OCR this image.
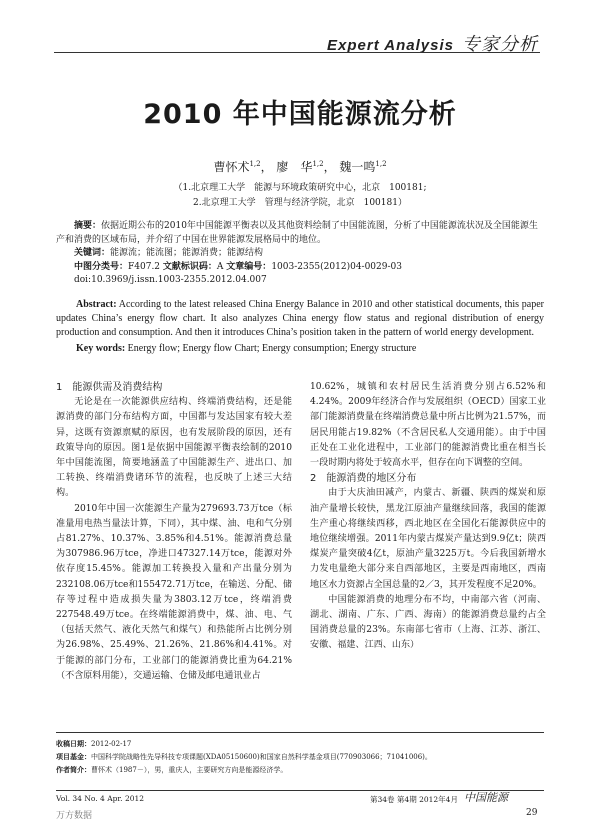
Expert Analysis 专家分析
2010 年中国能源流分析
曹怀术$^{1,2}$， 廖　华$^{1,2}$， 魏一鸣$^{1,2}$
（1.北京理工大学　能源与环境政策研究中心，北京　100181;
2.北京理工大学　管理与经济学院，北京　100181）
摘要：依据近期公布的2010年中国能源平衡表以及其他资料绘制了中国能流图，分析了中国能源流状况及全国能源生产和消费的区域布局，并介绍了中国在世界能源发展格局中的地位。
关键词：能源流；能流图；能源消费；能源结构
中图分类号：F407.2 文献标识码：A 文章编号：1003-2355(2012)04-0029-03
doi:10.3969/j.issn.1003-2355.2012.04.007
Abstract: According to the latest released China Energy Balance in 2010 and other statistical documents, this paper updates China’s energy flow chart. It also analyzes China energy flow status and regional distribution of energy production and consumption. And then it introduces China’s position taken in the pattern of world energy development.
Key words: Energy flow; Energy flow Chart; Energy consumption; Energy structure

1　能源供需及消费结构

无论是在一次能源供应结构、终端消费结构，还是能源消费的部门分布结构方面，中国都与发达国家有较大差异，这既有资源禀赋的原因，也有发展阶段的原因，还有政策导向的原因。图1是依据中国能源平衡表绘制的2010年中国能流图，简要地涵盖了中国能源生产、进出口、加工转换、终端消费诸环节的流程，也反映了上述三大结构。

2010年中国一次能源生产量为279693.73万tce（标准量用电热当量法计算，下同），其中煤、油、电和气分别占81.27%、10.37%、3.85%和4.51%。能源消费总量为307986.96万tce，净进口47327.14万tce，能源对外依存度15.45%。能源加工转换投入量和产出量分别为232108.06万tce和155472.71万tce，在输送、分配、储存等过程中造成损失量为3803.12万tce，终端消费227548.49万tce。在终端能源消费中，煤、油、电、气（包括天然气、液化天然气和煤气）和热能所占比例分别为26.98%、25.49%、21.26%、21.86%和4.41%。对于能源的部门分布，工业部门的能源消费比重为64.21%（不含原料用能），交通运输、仓储及邮电通讯业占

10.62%，城镇和农村居民生活消费分别占6.52%和4.24%。2009年经济合作与发展组织（OECD）国家工业部门能源消费量在终端消费总量中所占比例为21.57%，而居民用能占19.82%（不含居民私人交通用能）。由于中国正处在工业化进程中，工业部门的能源消费比重在相当长一段时期内将处于较高水平，但存在向下调整的空间。

2　能源消费的地区分布

由于大庆油田减产，内蒙古、新疆、陕西的煤炭和原油产量增长较快，黑龙江原油产量继续回落，我国的能源生产重心将继续西移，西北地区在全国化石能源供应中的地位继续增强。2011年内蒙古煤炭产量达到9.9亿t；陕西煤炭产量突破4亿t，原油产量3225万t。今后我国新增水力发电量绝大部分来自西部地区，主要是西南地区，西南地区水力资源占全国总量的2／3，其开发程度不足20%。

中国能源消费的地理分布不均，中南部六省（河南、湖北、湖南、广东、广西、海南）的能源消费总量约占全国消费总量的23%。东南部七省市（上海、江苏、浙江、安徽、福建、江西、山东）

收稿日期：2012-02-17
项目基金：中国科学院战略性先导科技专项课题(XDA05150600)和国家自然科学基金项目(770903066；71041006)。
作者简介：曹怀术（1987－），男，重庆人，主要研究方向是能源经济学。
Vol. 34 No. 4 Apr. 2012	第34卷 第4期 2012年4月 中国能源
29
万方数据
